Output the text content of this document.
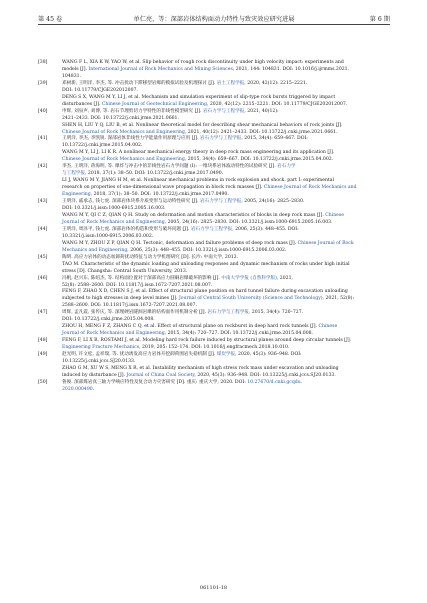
第 45 卷	单仁亮，等：深部岩体结构面动力特性与致灾效应研究进展	第 6 期
[38]	WANG F L, XIA K W, YAO W, et al. Slip behavior of rough rock discontinuity under high velocity impact: experiments and
models [J]. International Journal of Rock Mechanics and Mining Sciences, 2021, 144: 104831. DOI: 10.1016/j.ijrmms.2021.
104831.
[39]	邓树新, 王明洋, 李杰, 等. 冲击扰动下滞移型岩爆的模拟试验及机理探讨 [J]. 岩土工程学报, 2020, 42(12): 2215–2221.
DOI: 10.11779/CJGE202012007.
DENG S X, WANG M Y, LI J, et al. Mechanism and simulation experiment of slip-type rock bursts triggered by impact
disturbances [J]. Chinese Journal of Geotechnical Engineering, 2020, 42(12): 2215–2221. DOI: 10.11779/CJGE202012007.
[40]	申辉, 刘泉声, 刘博, 等. 岩石节理剪切力学特性的非线性模型研究 [J]. 岩石力学与工程学报, 2021, 40(12):
2421–2433. DOI: 10.13722/j.cnki.jrme.2021.0661.
SHEN H, LIU Y Q, LIU B, et al. Nonlinear theoretical model for describing shear mechanical behaviors of rock joints [J].
Chinese Journal of Rock Mechanics and Engineering, 2021, 40(12): 2421–2433. DOI: 10.13722/j.cnki.jrme.2021.0661.
[41]	王明洋, 李杰, 李凯锐. 深部岩体非线性力学能量作用原理与应用 [J]. 岩石力学与工程学报, 2015, 34(4): 659–667. DOI:
10.13722/j.cnki.jrme.2015.04.002.
WANG M Y, LI J, LI K R. A nonlinear mechanical energy theory in deep rock mass engineering and its application [J].
Chinese Journal of Rock Mechanics and Engineering, 2015, 34(4): 659–667. DOI: 10.13722/j.cnki.jrme.2015.04.002.
[42]	李杰, 王明洋, 蒋海明, 等. 爆炸与冲击中的非线性岩石力学问题 (Ⅰ): 一维块系岩体波动特性的试验研究 [J]. 岩石力学
与工程学报, 2018, 37(1): 38–50. DOI: 10.13722/j.cnki.jrme.2017.0490.
LI J, WANG M Y, JIANG H M, et al. Nonlinear mechanical problems in rock explosion and shock. part Ⅰ: experimental
research on properties of one-dimensional wave propagation in block rock masses [J]. Chinese Journal of Rock Mechanics and
Engineering, 2018, 37(1): 38–50. DOI: 10.13722/j.cnki.jrme.2017.0490.
[43]	王明洋, 戚承志, 钱七虎. 深部岩体块系介质变形与运动特性研究 [J]. 岩石力学与工程学报, 2005, 24(16): 2825–2830.
DOI: 10.3321/j.issn:1000-6915.2005.16.003.
WANG M Y, QI C Z, QIAN Q H. Study on deformation and motion characteristics of blocks in deep rock mass [J]. Chinese
Journal of Rock Mechanics and Engineering, 2005, 24(16): 2825–2830. DOI: 10.3321/j.issn:1000-6915.2005.16.003.
[44]	王明洋, 周泽平, 钱七虎. 深部岩体的构造和变形与破坏问题 [J]. 岩石力学与工程学报, 2006, 25(3): 448–455. DOI:
10.3321/j.issn:1000-6915.2006.03.002.
WANG M Y, ZHOU Z P, QIAN Q H. Tectonic, deformation and failure problems of deep rock mass [J]. Chinese Journal of Rock
Mechanics and Engineering, 2006, 25(3): 448–455. DOI: 10.3321/j.issn:1000-6915.2006.03.002.
[45]	陶明. 高应力岩体的动态加卸荷扰动特征与动力学机理研究 [D]. 长沙: 中南大学, 2013.
TAO M. Characteristic of the dynamic loading and unloading responses and dynamic mechanism of rocks under high initial
stress [D]. Changsha: Central South University, 2013.
[46]	冯帆, 赵兴东, 陈绍杰, 等. 结构面位置对于深部高应力圆硐岩爆破坏的影响 [J]. 中南大学学报 (自然科学版), 2021,
52(8): 2588–2600. DOI: 10.11817/j.issn.1672-7207.2021.08.007.
FENG F, ZHAO X D, CHEN S J, et al. Effect of structural plane position on hard tunnel failure during excavation unloading
subjected to high stresses in deep level mines [J]. Journal of Central South University (Science and Technology), 2021, 52(8):
2588–2600. DOI: 10.11817/j.issn.1672-7207.2021.08.007.
[47]	周辉, 孟凡震, 张传庆, 等. 深埋硬岩隧洞岩爆的结构面作用机制分析 [J]. 岩石力学与工程学报, 2015, 34(4): 720–727.
DOI: 10.13722/j.cnki.jrme.2015.04.008.
ZHOU H, MENG F Z, ZHANG C Q, et al. Effect of structural plane on rockburst in deep hard rock tunnels [J]. Chinese
Journal of Rock Mechanics and Engineering, 2015, 34(4): 720–727. DOI: 10.13722/j.cnki.jrme.2015.04.008.
[48]	FENG F, LI X B, ROSTAMI J, et al. Modeling hard rock failure induced by structural planes around deep circular tunnels [J].
Engineering Fracture Mechanics, 2019, 205: 152–174. DOI: 10.1016/j.engfracmech.2018.10.010.
[49]	赵光明, 许文松, 孟祥瑞, 等. 扰动诱发高应力岩体开挖卸荷围岩失稳机制 [J]. 煤炭学报, 2020, 45(3): 936–948. DOI:
10.13225/j.cnki.jccs.SJ20.0133.
ZHAO G M, XU W S, MENG X R, et al. Instability mechanism of high stress rock mass under excavation and unloading
induced by disturbance [J]. Journal of China Coal Society, 2020, 45(3): 936–948. DOI: 10.13225/j.cnki.jccs.SJ20.0133.
[50]	鲁俊. 深部煤岩真三轴力学响应特性及复合动力灾害研究 [D]. 重庆: 重庆大学, 2020. DOI: 10.27670/d.cnki.gcqdu.
2020.000490.
061101-18
